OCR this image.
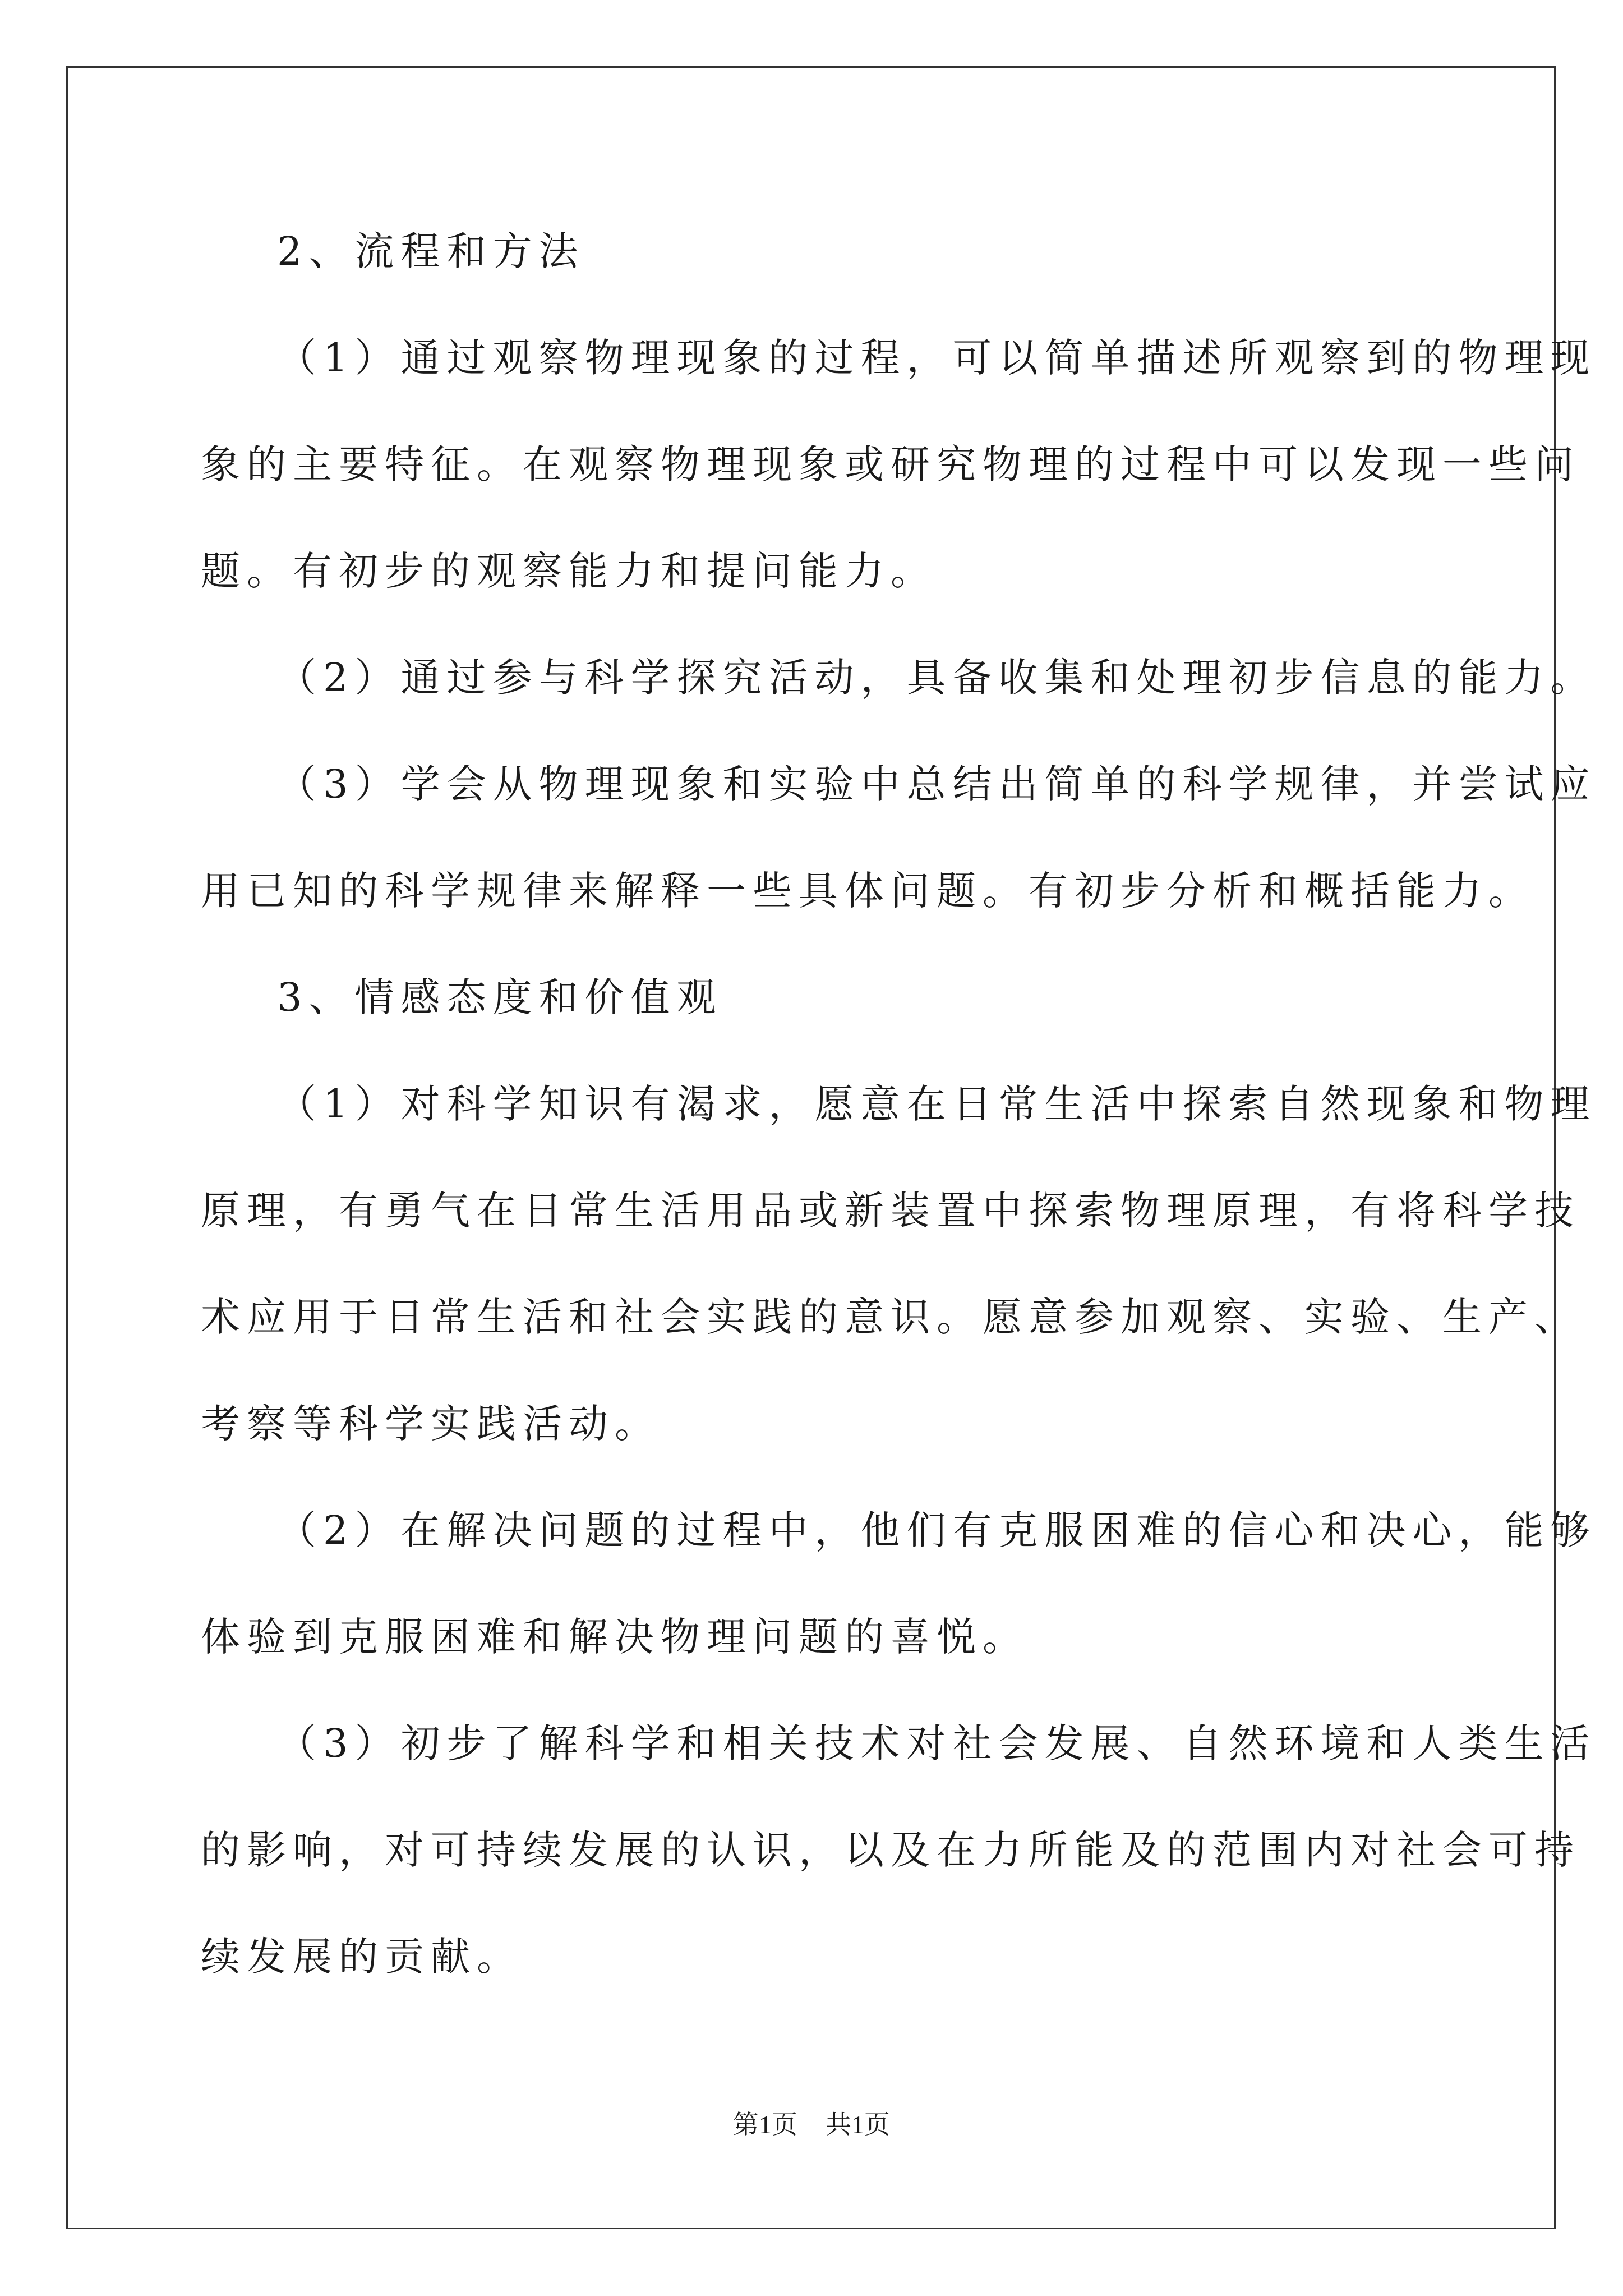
2、流程和方法
（1）通过观察物理现象的过程，可以简单描述所观察到的物理现
象的主要特征。在观察物理现象或研究物理的过程中可以发现一些问
题。有初步的观察能力和提问能力。
（2）通过参与科学探究活动，具备收集和处理初步信息的能力。
（3）学会从物理现象和实验中总结出简单的科学规律，并尝试应
用已知的科学规律来解释一些具体问题。有初步分析和概括能力。
3、情感态度和价值观
（1）对科学知识有渴求，愿意在日常生活中探索自然现象和物理
原理，有勇气在日常生活用品或新装置中探索物理原理，有将科学技
术应用于日常生活和社会实践的意识。愿意参加观察、实验、生产、
考察等科学实践活动。
（2）在解决问题的过程中，他们有克服困难的信心和决心，能够
体验到克服困难和解决物理问题的喜悦。
（3）初步了解科学和相关技术对社会发展、自然环境和人类生活
的影响，对可持续发展的认识，以及在力所能及的范围内对社会可持
续发展的贡献。
第1页 共1页
